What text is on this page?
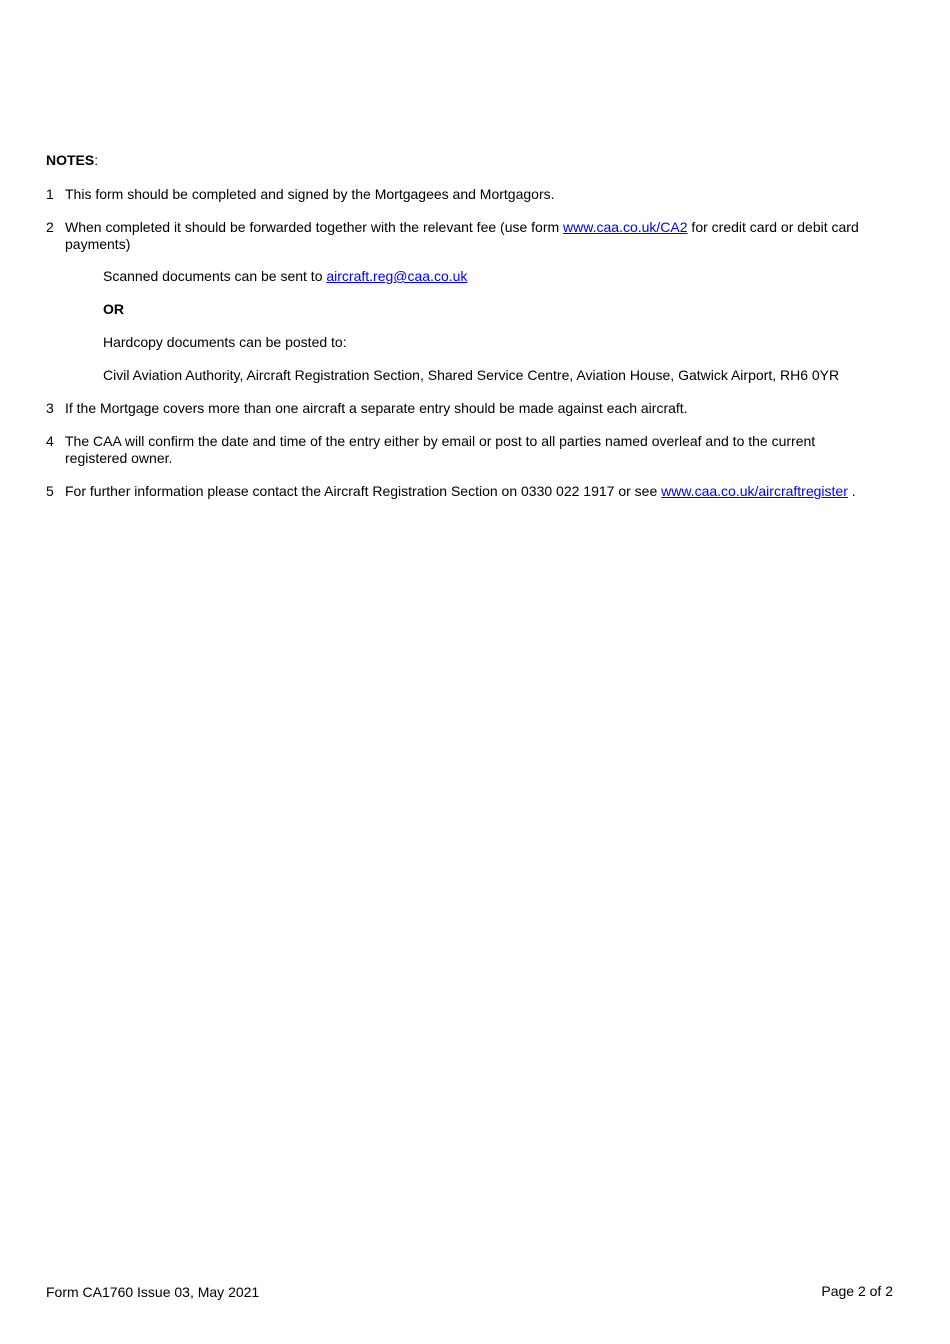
NOTES:
1 This form should be completed and signed by the Mortgagees and Mortgagors.
2 When completed it should be forwarded together with the relevant fee (use form www.caa.co.uk/CA2 for credit card or debit card payments)
Scanned documents can be sent to aircraft.reg@caa.co.uk
OR
Hardcopy documents can be posted to:
Civil Aviation Authority, Aircraft Registration Section, Shared Service Centre, Aviation House, Gatwick Airport, RH6 0YR
3 If the Mortgage covers more than one aircraft a separate entry should be made against each aircraft.
4 The CAA will confirm the date and time of the entry either by email or post to all parties named overleaf and to the current registered owner.
5 For further information please contact the Aircraft Registration Section on 0330 022 1917 or see www.caa.co.uk/aircraftregister .
Form CA1760 Issue 03, May 2021	Page 2 of 2
